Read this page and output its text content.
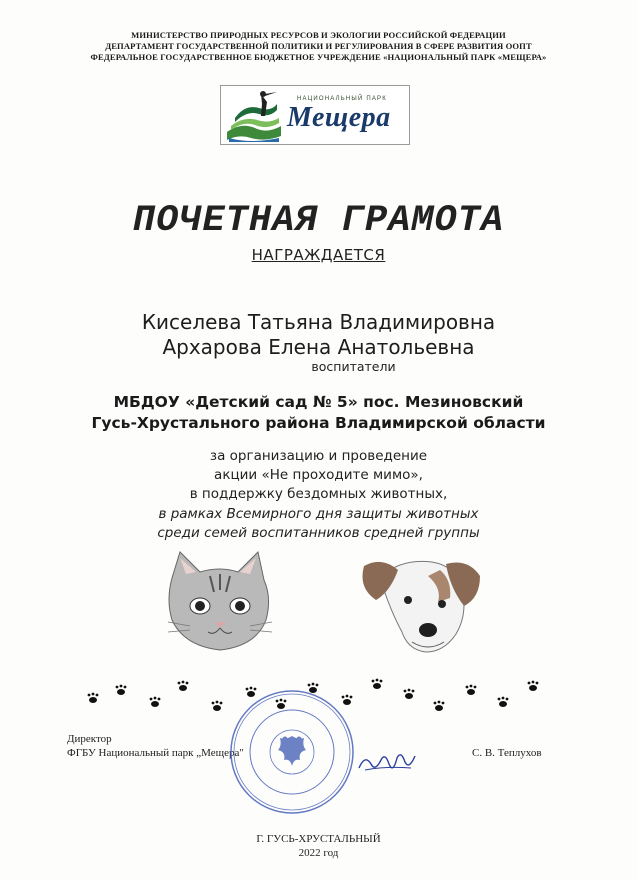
МИНИСТЕРСТВО ПРИРОДНЫХ РЕСУРСОВ И ЭКОЛОГИИ РОССИЙСКОЙ ФЕДЕРАЦИИ
ДЕПАРТАМЕНТ ГОСУДАРСТВЕННОЙ ПОЛИТИКИ И РЕГУЛИРОВАНИЯ В СФЕРЕ РАЗВИТИЯ ООПТ
ФЕДЕРАЛЬНОЕ ГОСУДАРСТВЕННОЕ БЮДЖЕТНОЕ УЧРЕЖДЕНИЕ «НАЦИОНАЛЬНЫЙ ПАРК «МЕЩЕРА»
НАЦИОНАЛЬНЫЙ ПАРК
Мещера
ПОЧЕТНАЯ ГРАМОТА
НАГРАЖДАЕТСЯ
Киселева Татьяна Владимировна
Архарова Елена Анатольевна
воспитатели
МБДОУ «Детский сад № 5» пос. Мезиновский
Гусь-Хрустального района Владимирской области
за организацию и проведение
акции «Не проходите мимо»,
в поддержку бездомных животных,
в рамках Всемирного дня защиты животных
среди семей воспитанников средней группы
Директор
ФГБУ Национальный парк „Мещера"	С. В. Теплухов
Г. ГУСЬ-ХРУСТАЛЬНЫЙ
2022 год
